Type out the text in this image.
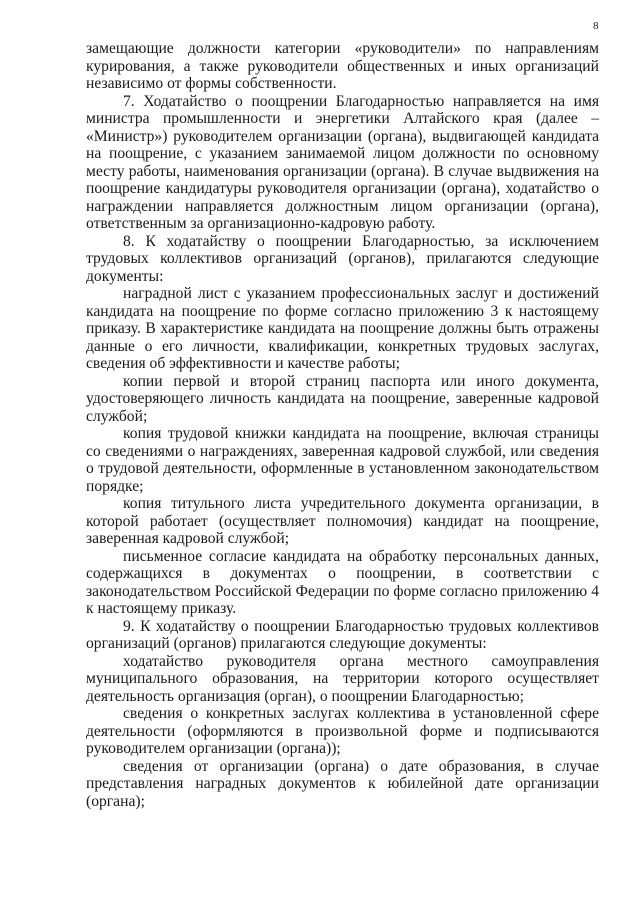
8

замещающие должности категории «руководители» по направлениям курирования, а также руководители общественных и иных организаций независимо от формы собственности.

7. Ходатайство о поощрении Благодарностью направляется на имя министра промышленности и энергетики Алтайского края (далее – «Министр») руководителем организации (органа), выдвигающей кандидата на поощрение, с указанием занимаемой лицом должности по основному месту работы, наименования организации (органа). В случае выдвижения на поощрение кандидатуры руководителя организации (органа), ходатайство о награждении направляется должностным лицом организации (органа), ответственным за организационно-кадровую работу.

8. К ходатайству о поощрении Благодарностью, за исключением трудовых коллективов организаций (органов), прилагаются следующие документы:

наградной лист с указанием профессиональных заслуг и достижений кандидата на поощрение по форме согласно приложению 3 к настоящему приказу. В характеристике кандидата на поощрение должны быть отражены данные о его личности, квалификации, конкретных трудовых заслугах, сведения об эффективности и качестве работы;

копии первой и второй страниц паспорта или иного документа, удостоверяющего личность кандидата на поощрение, заверенные кадровой службой;

копия трудовой книжки кандидата на поощрение, включая страницы со сведениями о награждениях, заверенная кадровой службой, или сведения о трудовой деятельности, оформленные в установленном законодательством порядке;

копия титульного листа учредительного документа организации, в которой работает (осуществляет полномочия) кандидат на поощрение, заверенная кадровой службой;

письменное согласие кандидата на обработку персональных данных, содержащихся в документах о поощрении, в соответствии с законодательством Российской Федерации по форме согласно приложению 4 к настоящему приказу.

9. К ходатайству о поощрении Благодарностью трудовых коллективов организаций (органов) прилагаются следующие документы:

ходатайство руководителя органа местного самоуправления муниципального образования, на территории которого осуществляет деятельность организация (орган), о поощрении Благодарностью;

сведения о конкретных заслугах коллектива в установленной сфере деятельности (оформляются в произвольной форме и подписываются руководителем организации (органа));

сведения от организации (органа) о дате образования, в случае представления наградных документов к юбилейной дате организации (органа);
